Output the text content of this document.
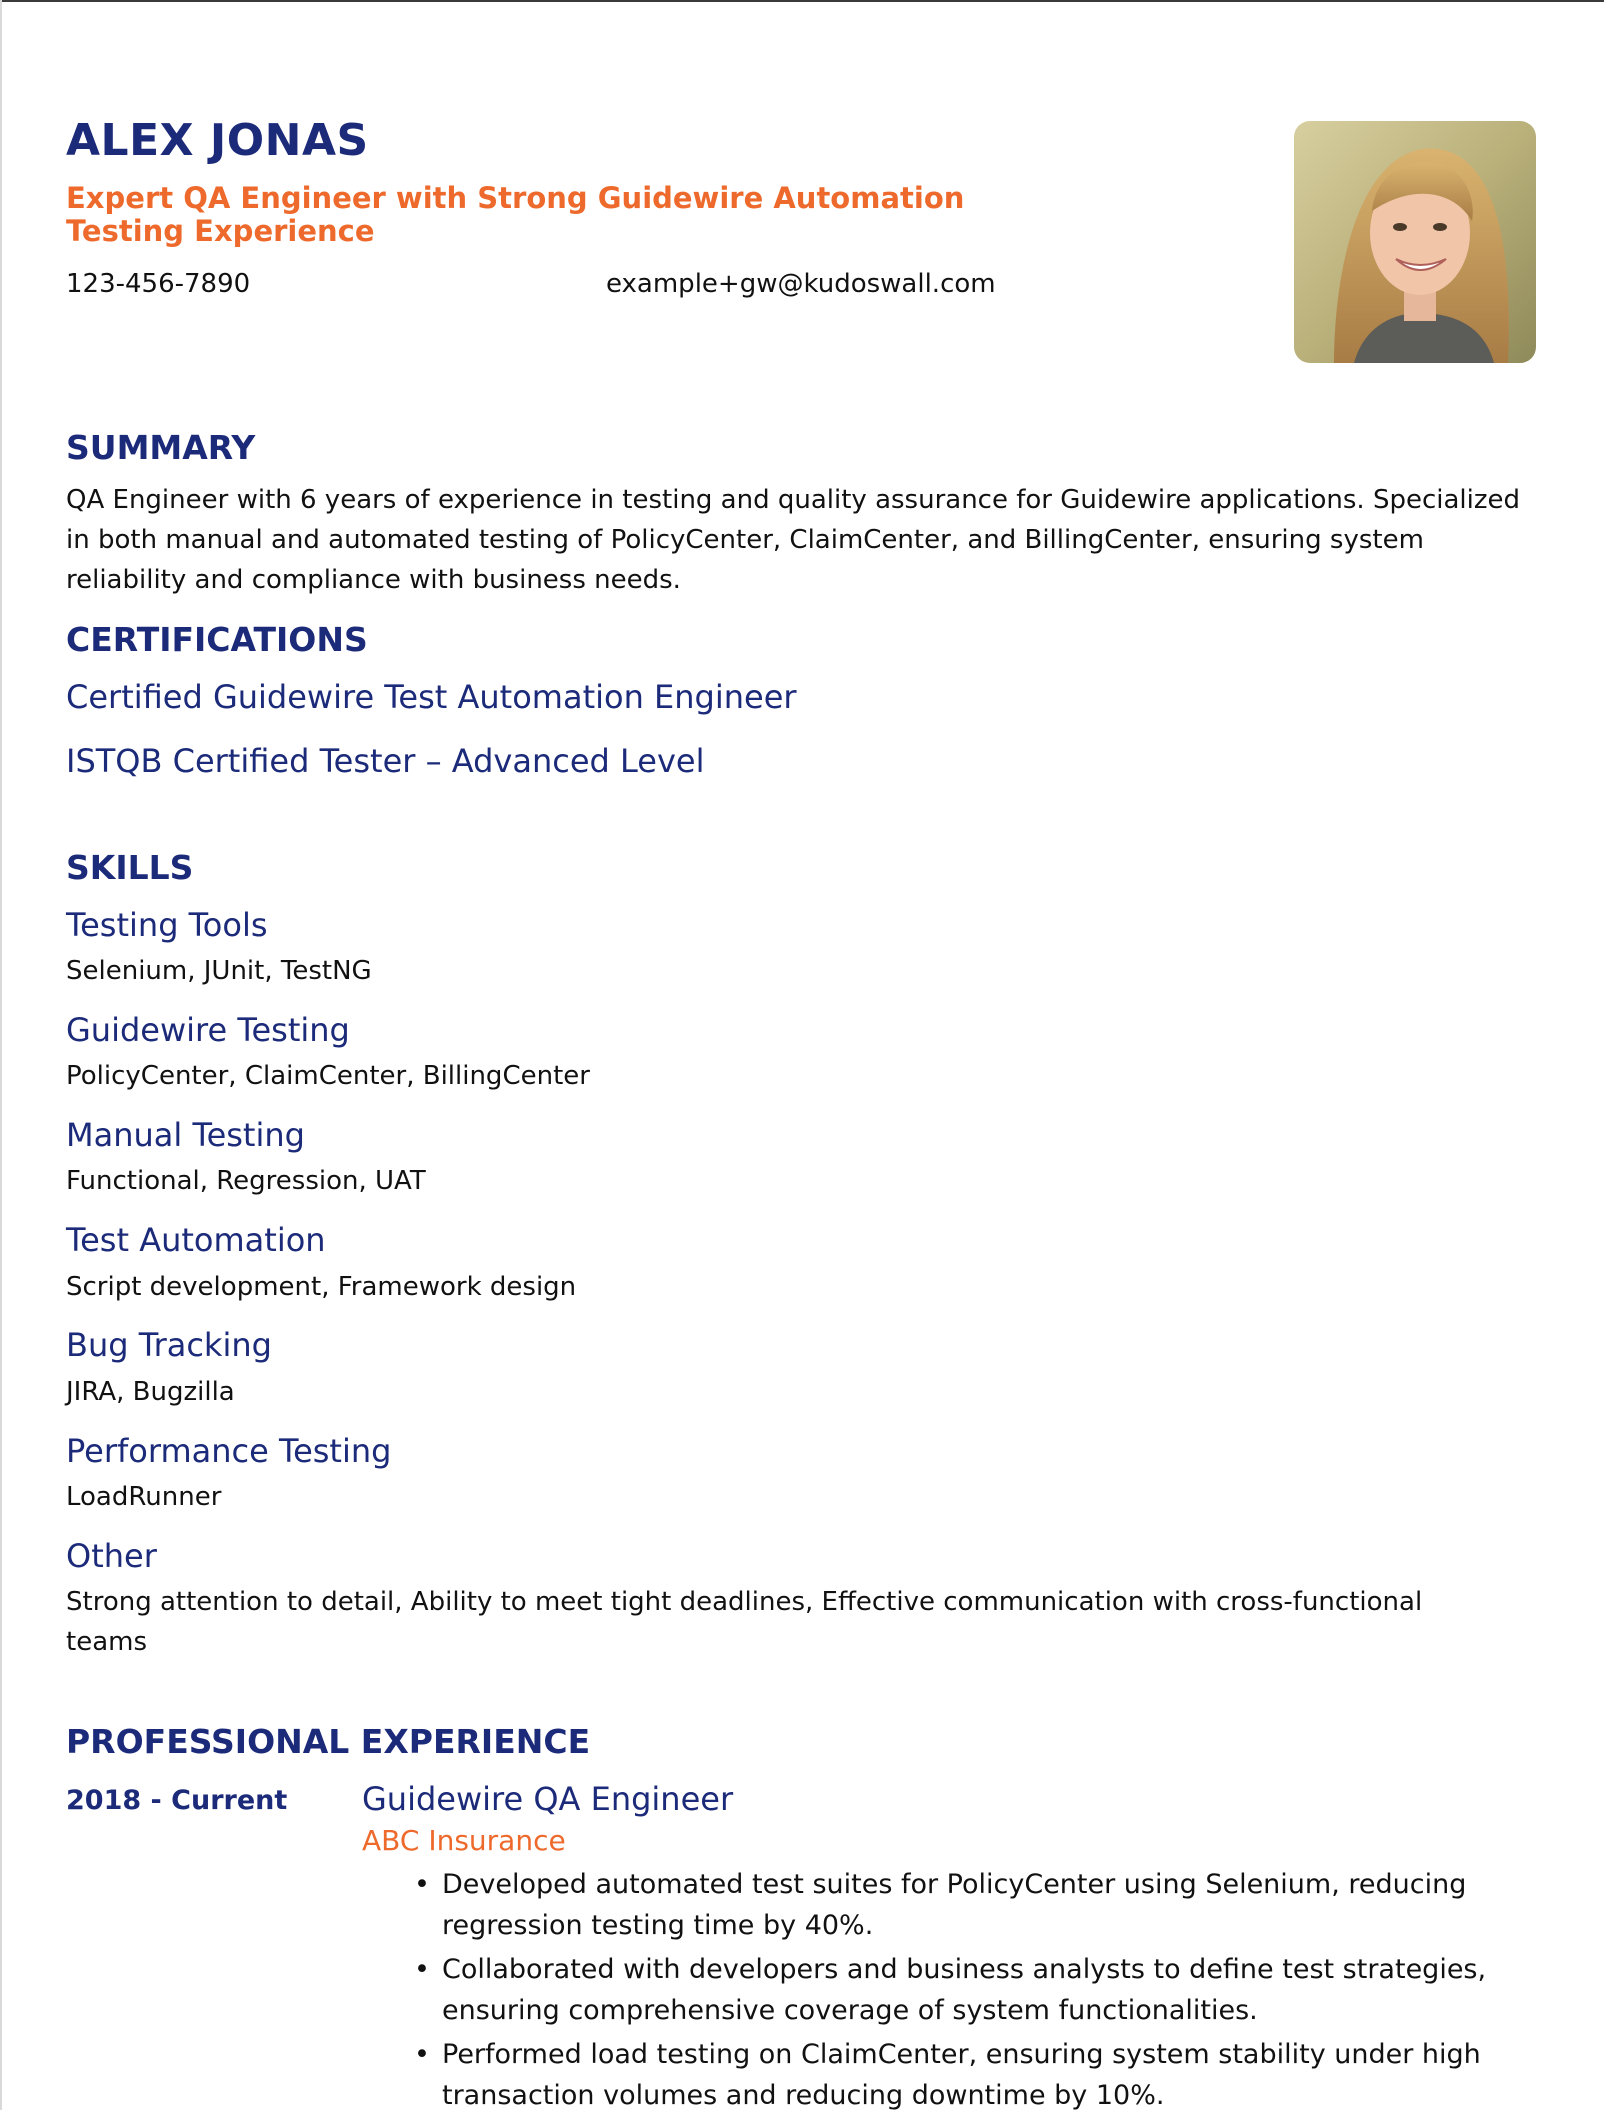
ALEX JONAS
Expert QA Engineer with Strong Guidewire Automation Testing Experience
123-456-7890	example+gw@kudoswall.com
SUMMARY
QA Engineer with 6 years of experience in testing and quality assurance for Guidewire applications. Specialized in both manual and automated testing of PolicyCenter, ClaimCenter, and BillingCenter, ensuring system reliability and compliance with business needs.
CERTIFICATIONS
Certified Guidewire Test Automation Engineer
ISTQB Certified Tester – Advanced Level
SKILLS
Testing Tools
Selenium, JUnit, TestNG
Guidewire Testing
PolicyCenter, ClaimCenter, BillingCenter
Manual Testing
Functional, Regression, UAT
Test Automation
Script development, Framework design
Bug Tracking
JIRA, Bugzilla
Performance Testing
LoadRunner
Other
Strong attention to detail, Ability to meet tight deadlines, Effective communication with cross-functional teams
PROFESSIONAL EXPERIENCE
2018 - Current Guidewire QA Engineer
ABC Insurance
• Developed automated test suites for PolicyCenter using Selenium, reducing regression testing time by 40%.
• Collaborated with developers and business analysts to define test strategies, ensuring comprehensive coverage of system functionalities.
• Performed load testing on ClaimCenter, ensuring system stability under high transaction volumes and reducing downtime by 10%.
